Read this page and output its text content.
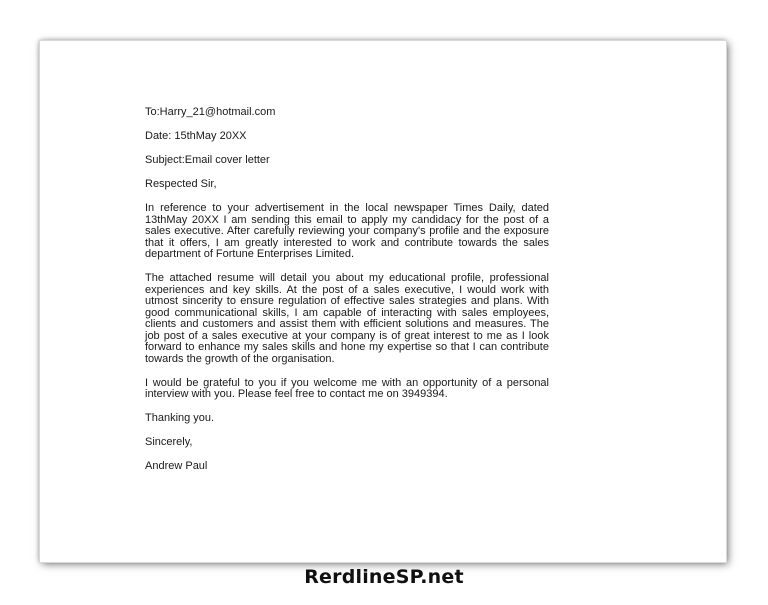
To:Harry_21@hotmail.com

Date: 15thMay 20XX

Subject:Email cover letter

Respected Sir,

In reference to your advertisement in the local newspaper Times Daily, dated 13thMay 20XX I am sending this email to apply my candidacy for the post of a sales executive. After carefully reviewing your company's profile and the exposure that it offers, I am greatly interested to work and contribute towards the sales department of Fortune Enterprises Limited.

The attached resume will detail you about my educational profile, professional experiences and key skills. At the post of a sales executive, I would work with utmost sincerity to ensure regulation of effective sales strategies and plans. With good communicational skills, I am capable of interacting with sales employees, clients and customers and assist them with efficient solutions and measures. The job post of a sales executive at your company is of great interest to me as I look forward to enhance my sales skills and hone my expertise so that I can contribute towards the growth of the organisation.

I would be grateful to you if you welcome me with an opportunity of a personal interview with you. Please feel free to contact me on 3949394.

Thanking you.

Sincerely,

Andrew Paul

RerdlineSP.net
